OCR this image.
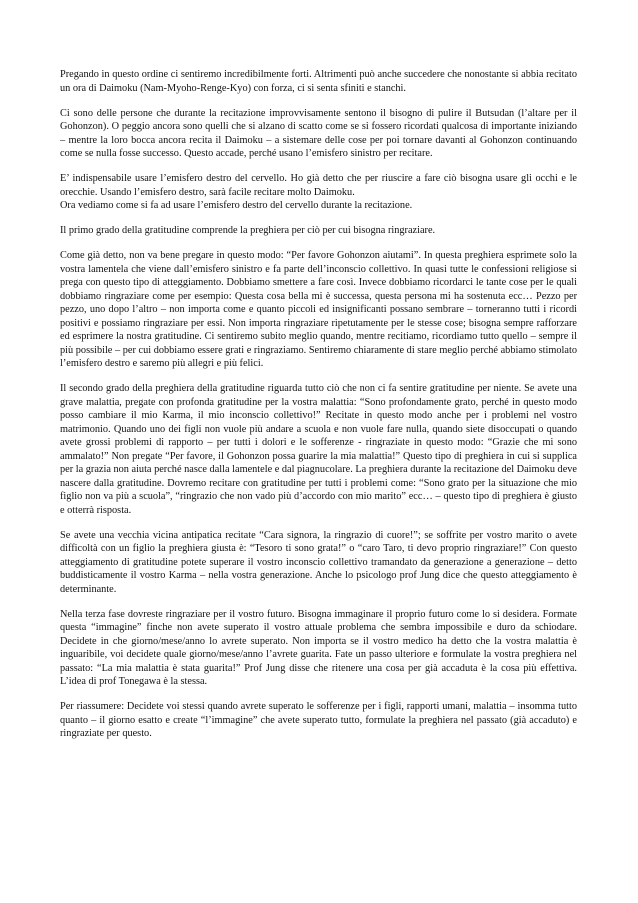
Pregando in questo ordine ci sentiremo incredibilmente forti. Altrimenti può anche succedere che nonostante si abbia recitato un ora di Daimoku (Nam-Myoho-Renge-Kyo) con forza, ci si senta sfiniti e stanchi.

Ci sono delle persone che durante la recitazione improvvisamente sentono il bisogno di pulire il Butsudan (l’altare per il Gohonzon). O peggio ancora sono quelli che si alzano di scatto come se si fossero ricordati qualcosa di importante iniziando – mentre la loro bocca ancora recita il Daimoku – a sistemare delle cose per poi tornare davanti al Gohonzon continuando come se nulla fosse successo. Questo accade, perché usano l’emisfero sinistro per recitare.

E’ indispensabile usare l’emisfero destro del cervello. Ho già detto che per riuscire a fare ciò bisogna usare gli occhi e le orecchie. Usando l’emisfero destro, sarà facile recitare molto Daimoku.

Ora vediamo come si fa ad usare l’emisfero destro del cervello durante la recitazione.

Il primo grado della gratitudine comprende la preghiera per ciò per cui bisogna ringraziare.

Come già detto, non va bene pregare in questo modo: “Per favore Gohonzon aiutami”. In questa preghiera esprimete solo la vostra lamentela che viene dall’emisfero sinistro e fa parte dell’inconscio collettivo. In quasi tutte le confessioni religiose si prega con questo tipo di atteggiamento. Dobbiamo smettere a fare così. Invece dobbiamo ricordarci le tante cose per le quali dobbiamo ringraziare come per esempio: Questa cosa bella mi è successa, questa persona mi ha sostenuta ecc… Pezzo per pezzo, uno dopo l’altro – non importa come e quanto piccoli ed insignificanti possano sembrare – torneranno tutti i ricordi positivi e possiamo ringraziare per essi. Non importa ringraziare ripetutamente per le stesse cose; bisogna sempre rafforzare ed esprimere la nostra gratitudine. Ci sentiremo subito meglio quando, mentre recitiamo, ricordiamo tutto quello – sempre il più possibile – per cui dobbiamo essere grati e ringraziamo. Sentiremo chiaramente di stare meglio perché abbiamo stimolato l’emisfero destro e saremo più allegri e più felici.

Il secondo grado della preghiera della gratitudine riguarda tutto ciò che non ci fa sentire gratitudine per niente. Se avete una grave malattia, pregate con profonda gratitudine per la vostra malattia: “Sono profondamente grato, perché in questo modo posso cambiare il mio Karma, il mio inconscio collettivo!” Recitate in questo modo anche per i problemi nel vostro matrimonio. Quando uno dei figli non vuole più andare a scuola e non vuole fare nulla, quando siete disoccupati o quando avete grossi problemi di rapporto – per tutti i dolori e le sofferenze - ringraziate in questo modo: “Grazie che mi sono ammalato!” Non pregate “Per favore, il Gohonzon possa guarire la mia malattia!” Questo tipo di preghiera in cui si supplica per la grazia non aiuta perché nasce dalla lamentele e dal piagnucolare. La preghiera durante la recitazione del Daimoku deve nascere dalla gratitudine. Dovremo recitare con gratitudine per tutti i problemi come: “Sono grato per la situazione che mio figlio non va più a scuola”, “ringrazio che non vado più d’accordo con mio marito” ecc… – questo tipo di preghiera è giusto e otterrà risposta.

Se avete una vecchia vicina antipatica recitate “Cara signora, la ringrazio di cuore!”; se soffrite per vostro marito o avete difficoltà con un figlio la preghiera giusta è: “Tesoro ti sono grata!” o “caro Taro, ti devo proprio ringraziare!” Con questo atteggiamento di gratitudine potete superare il vostro inconscio collettivo tramandato da generazione a generazione – detto buddisticamente il vostro Karma – nella vostra generazione. Anche lo psicologo prof Jung dice che questo atteggiamento è determinante.

Nella terza fase dovreste ringraziare per il vostro futuro. Bisogna immaginare il proprio futuro come lo si desidera. Formate questa “immagine” finche non avete superato il vostro attuale problema che sembra impossibile e duro da schiodare. Decidete in che giorno/mese/anno lo avrete superato. Non importa se il vostro medico ha detto che la vostra malattia è inguaribile, voi decidete quale giorno/mese/anno l’avrete guarita. Fate un passo ulteriore e formulate la vostra preghiera nel passato: “La mia malattia è stata guarita!” Prof Jung disse che ritenere una cosa per già accaduta è la cosa più effettiva. L’idea di prof Tonegawa è la stessa.

Per riassumere: Decidete voi stessi quando avrete superato le sofferenze per i figli, rapporti umani, malattia – insomma tutto quanto – il giorno esatto e create “l’immagine” che avete superato tutto, formulate la preghiera nel passato (già accaduto) e ringraziate per questo.
